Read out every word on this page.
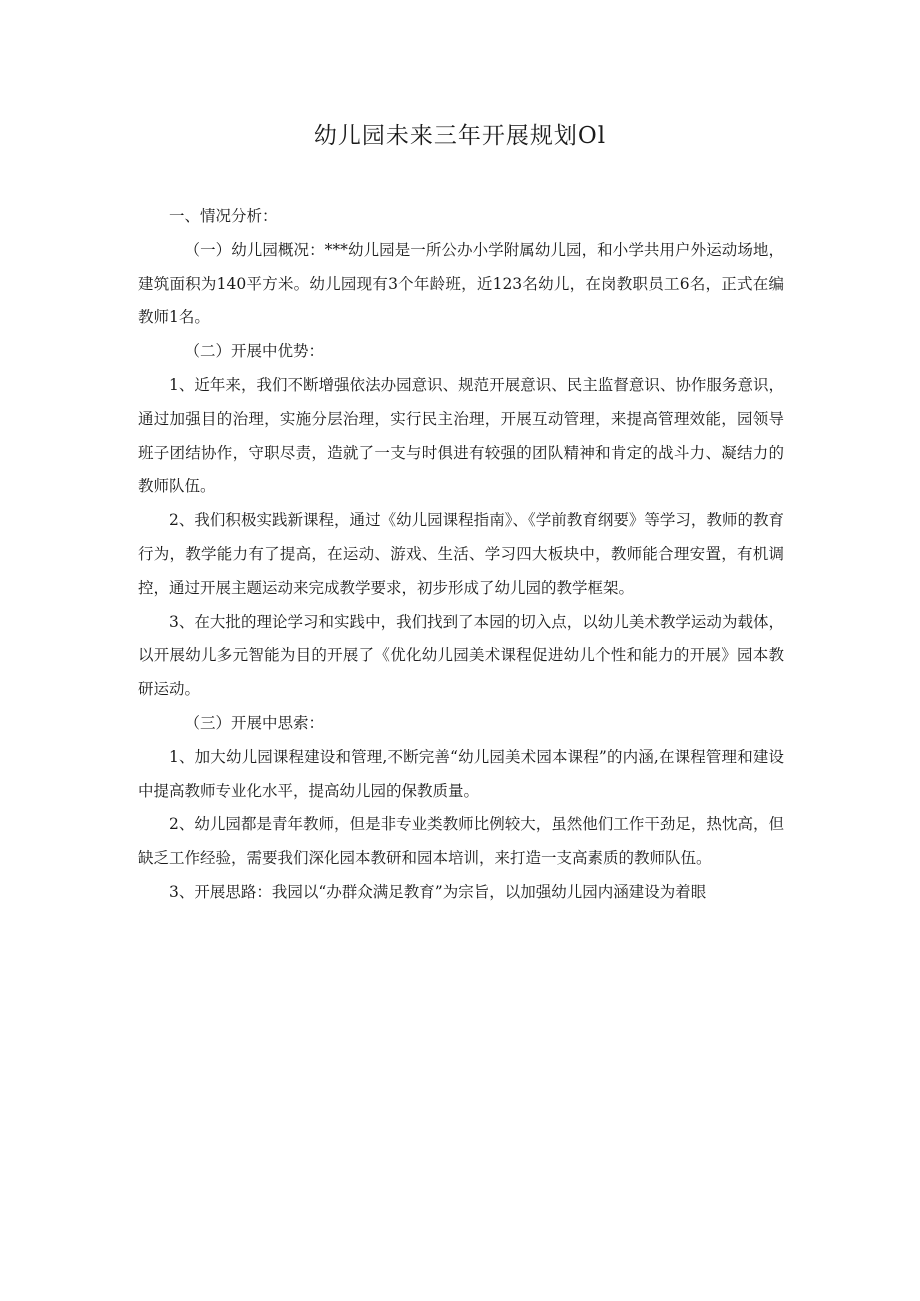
幼儿园未来三年开展规划Ol

一、情况分析：

（一）幼儿园概况：***幼儿园是一所公办小学附属幼儿园，和小学共用户外运动场地，建筑面积为140平方米。幼儿园现有3个年龄班，近123名幼儿，在岗教职员工6名，正式在编教师1名。

（二）开展中优势：

1、近年来，我们不断增强依法办园意识、规范开展意识、民主监督意识、协作服务意识，通过加强目的治理，实施分层治理，实行民主治理，开展互动管理，来提高管理效能，园领导班子团结协作，守职尽责，造就了一支与时俱进有较强的团队精神和肯定的战斗力、凝结力的教师队伍。

2、我们积极实践新课程，通过《幼儿园课程指南》、《学前教育纲要》等学习，教师的教育行为，教学能力有了提高，在运动、游戏、生活、学习四大板块中，教师能合理安置，有机调控，通过开展主题运动来完成教学要求，初步形成了幼儿园的教学框架。

3、在大批的理论学习和实践中，我们找到了本园的切入点，以幼儿美术教学运动为载体，以开展幼儿多元智能为目的开展了《优化幼儿园美术课程促进幼儿个性和能力的开展》园本教研运动。

（三）开展中思索：

1、加大幼儿园课程建设和管理,不断完善“幼儿园美术园本课程”的内涵,在课程管理和建设中提高教师专业化水平，提高幼儿园的保教质量。

2、幼儿园都是青年教师，但是非专业类教师比例较大，虽然他们工作干劲足，热忱高，但缺乏工作经验，需要我们深化园本教研和园本培训，来打造一支高素质的教师队伍。

3、开展思路：我园以“办群众满足教育”为宗旨，以加强幼儿园内涵建设为着眼
